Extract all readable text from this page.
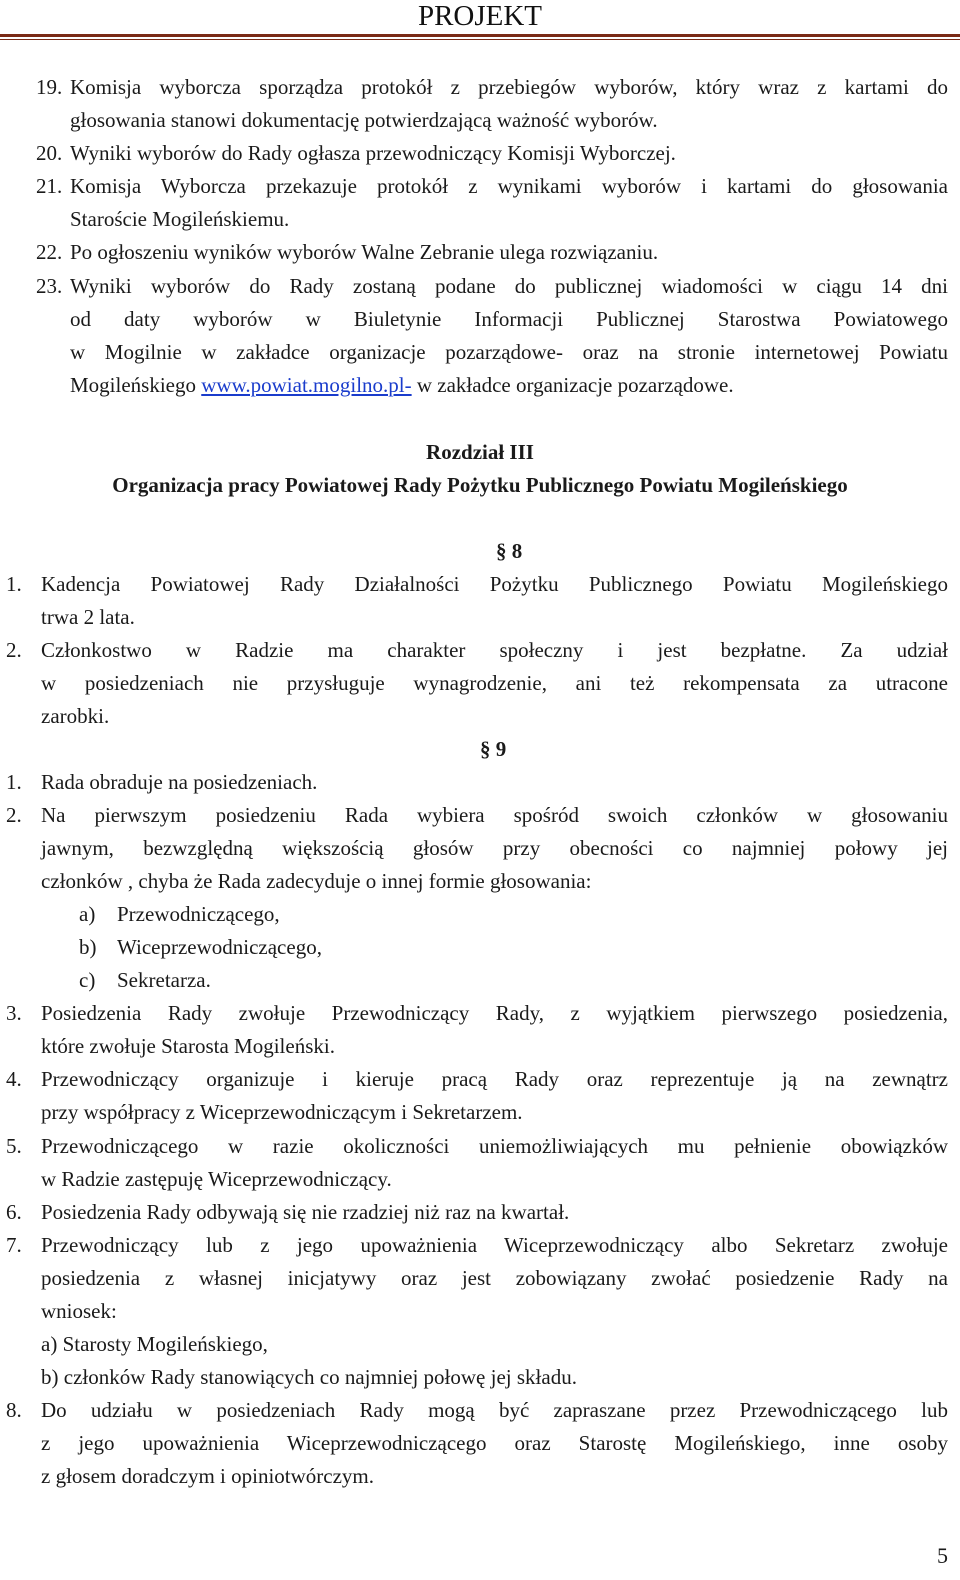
PROJEKT
19. Komisja wyborcza sporządza protokół z przebiegów wyborów, który wraz z kartami do
głosowania stanowi dokumentację potwierdzającą ważność wyborów.
20. Wyniki wyborów do Rady ogłasza przewodniczący Komisji Wyborczej.
21. Komisja Wyborcza przekazuje protokół z wynikami wyborów i kartami do głosowania
Staroście Mogileńskiemu.
22. Po ogłoszeniu wyników wyborów Walne Zebranie ulega rozwiązaniu.
23. Wyniki wyborów do Rady zostaną podane do publicznej wiadomości w ciągu 14 dni
od daty wyborów w Biuletynie Informacji Publicznej Starostwa Powiatowego
w Mogilnie w zakładce organizacje pozarządowe- oraz na stronie internetowej Powiatu
Mogileńskiego www.powiat.mogilno.pl- w zakładce organizacje pozarządowe.
Rozdział III
Organizacja pracy Powiatowej Rady Pożytku Publicznego Powiatu Mogileńskiego
§ 8
1. Kadencja Powiatowej Rady Działalności Pożytku Publicznego Powiatu Mogileńskiego
trwa 2 lata.
2. Członkostwo w Radzie ma charakter społeczny i jest bezpłatne. Za udział
w posiedzeniach nie przysługuje wynagrodzenie, ani też rekompensata za utracone
zarobki.
§ 9
1. Rada obraduje na posiedzeniach.
2. Na pierwszym posiedzeniu Rada wybiera spośród swoich członków w głosowaniu
jawnym, bezwzględną większością głosów przy obecności co najmniej połowy jej
członków , chyba że Rada zadecyduje o innej formie głosowania:
a) Przewodniczącego,
b) Wiceprzewodniczącego,
c) Sekretarza.
3. Posiedzenia Rady zwołuje Przewodniczący Rady, z wyjątkiem pierwszego posiedzenia,
które zwołuje Starosta Mogileński.
4. Przewodniczący organizuje i kieruje pracą Rady oraz reprezentuje ją na zewnątrz
przy współpracy z Wiceprzewodniczącym i Sekretarzem.
5. Przewodniczącego w razie okoliczności uniemożliwiających mu pełnienie obowiązków
w Radzie zastępuję Wiceprzewodniczący.
6. Posiedzenia Rady odbywają się nie rzadziej niż raz na kwartał.
7. Przewodniczący lub z jego upoważnienia Wiceprzewodniczący albo Sekretarz zwołuje
posiedzenia z własnej inicjatywy oraz jest zobowiązany zwołać posiedzenie Rady na
wniosek:
a) Starosty Mogileńskiego,
b) członków Rady stanowiących co najmniej połowę jej składu.
8. Do udziału w posiedzeniach Rady mogą być zapraszane przez Przewodniczącego lub
z jego upoważnienia Wiceprzewodniczącego oraz Starostę Mogileńskiego, inne osoby
z głosem doradczym i opiniotwórczym.
5
